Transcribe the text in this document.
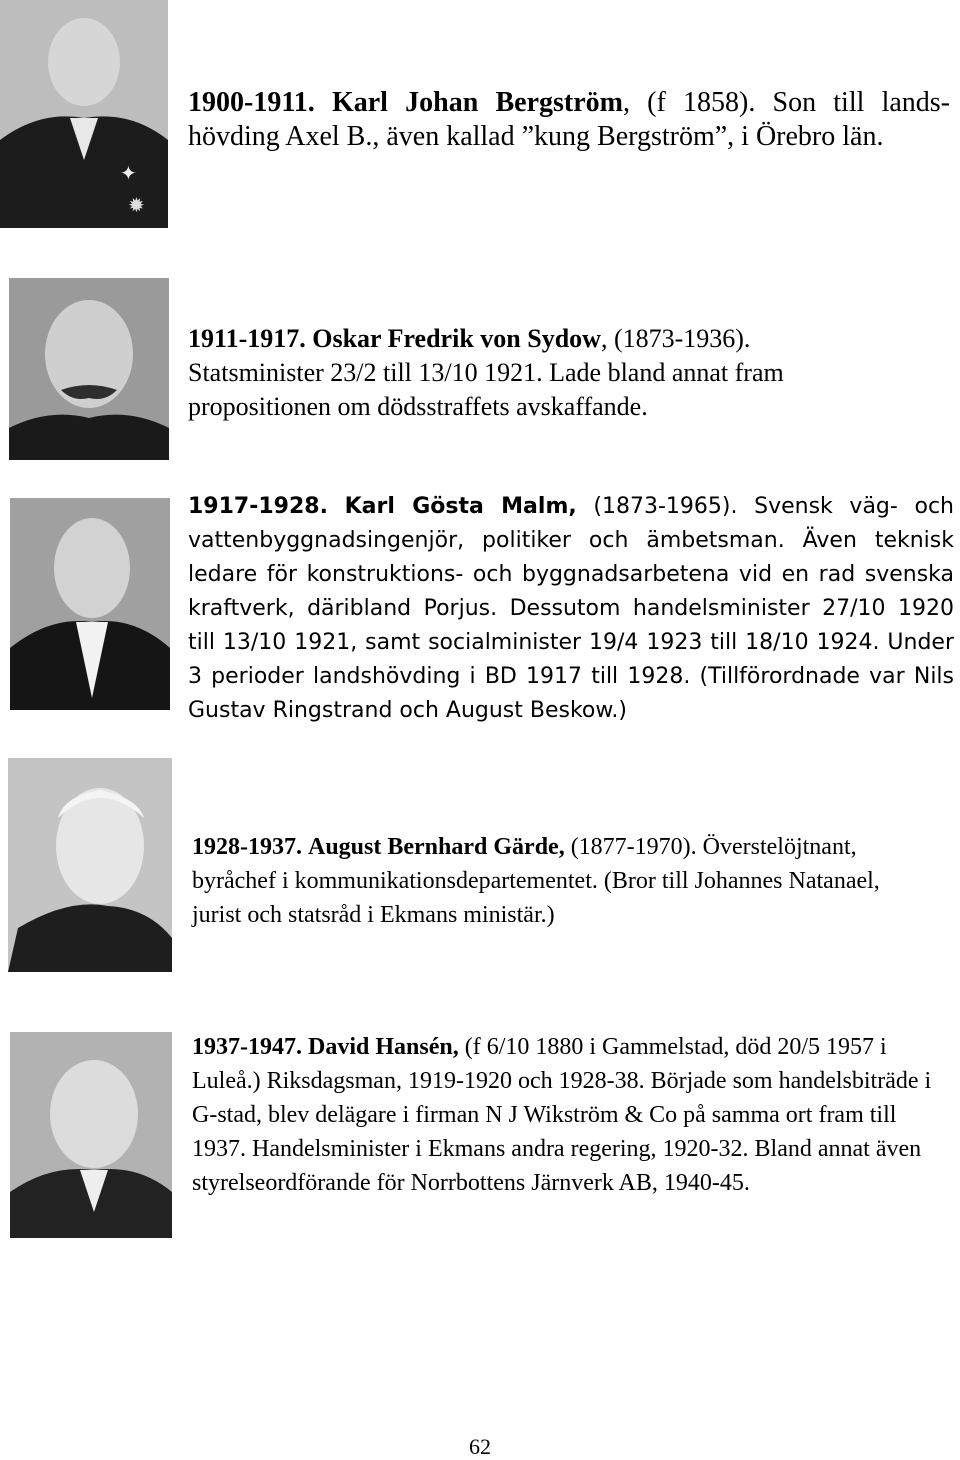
✦
✹

1900-1911. Karl Johan Bergström, (f 1858). Son till lands-hövding Axel B., även kallad ”kung Bergström”, i Örebro län.

1911-1917. Oskar Fredrik von Sydow, (1873-1936). Statsminister 23/2 till 13/10 1921. Lade bland annat fram propositionen om dödsstraffets avskaffande.

1917-1928. Karl Gösta Malm, (1873-1965). Svensk väg- och vattenbyggnadsingenjör, politiker och ämbetsman. Även teknisk ledare för konstruktions- och byggnadsarbetena vid en rad svenska kraftverk, däribland Porjus. Dessutom handelsminister 27/10 1920 till 13/10 1921, samt socialminister 19/4 1923 till 18/10 1924. Under 3 perioder landshövding i BD 1917 till 1928. (Tillförordnade var Nils Gustav Ringstrand och August Beskow.)

1928-1937. August Bernhard Gärde, (1877-1970). Överstelöjtnant, byråchef i kommunikationsdepartementet. (Bror till Johannes Natanael, jurist och statsråd i Ekmans ministär.)

1937-1947. David Hansén, (f 6/10 1880 i Gammelstad, död 20/5 1957 i Luleå.) Riksdagsman, 1919-1920 och 1928-38. Började som handelsbiträde i G-stad, blev delägare i firman N J Wikström & Co på samma ort fram till 1937. Handelsminister i Ekmans andra regering, 1920-32. Bland annat även styrelseordförande för Norrbottens Järnverk AB, 1940-45.

62
